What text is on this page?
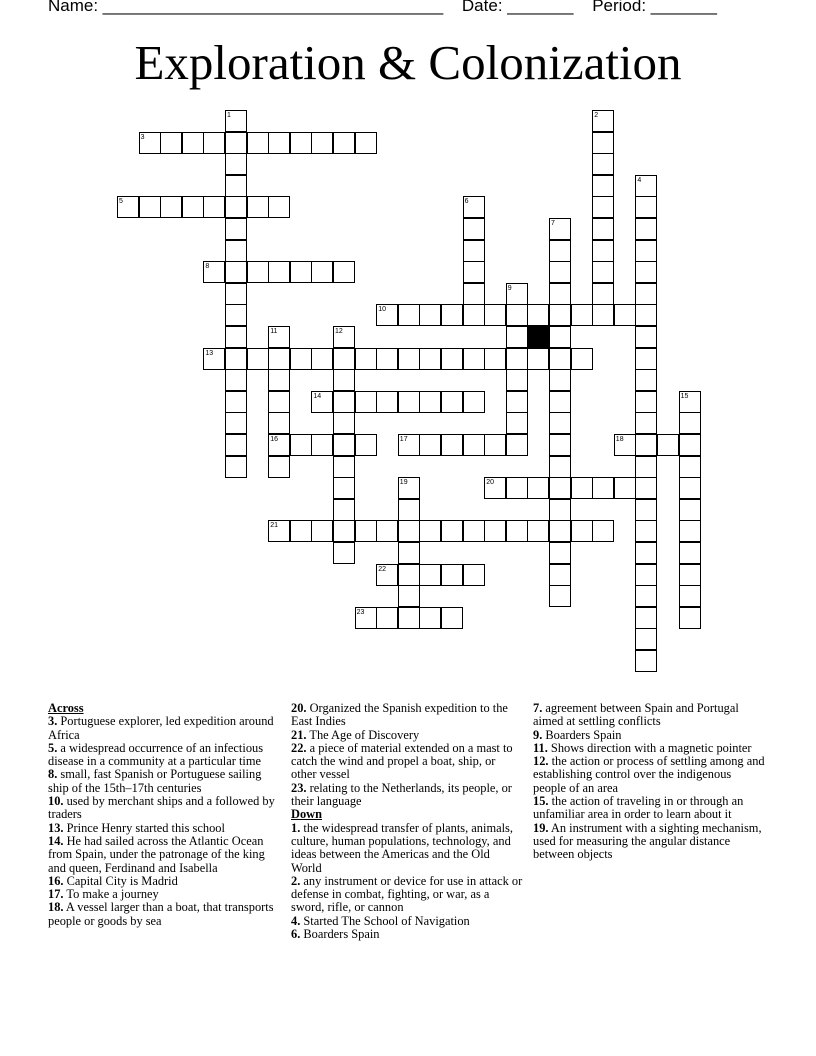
Name: ____________________________________ Date: _______ Period: _______
Exploration & Colonization
1	2
3
4
5	6
7
8
9
10
11	12
13
14	15
16	17	18
19	20
21
22
23
Across
3. Portuguese explorer, led expedition around Africa
5. a widespread occurrence of an infectious disease in a community at a particular time
8. small, fast Spanish or Portuguese sailing ship of the 15th–17th centuries
10. used by merchant ships and a followed by traders
13. Prince Henry started this school
14. He had sailed across the Atlantic Ocean from Spain, under the patronage of the king and queen, Ferdinand and Isabella
16. Capital City is Madrid
17. To make a journey
18. A vessel larger than a boat, that transports people or goods by sea
20. Organized the Spanish expedition to the East Indies
21. The Age of Discovery
22. a piece of material extended on a mast to catch the wind and propel a boat, ship, or other vessel
23. relating to the Netherlands, its people, or their language
Down
1. the widespread transfer of plants, animals, culture, human populations, technology, and ideas between the Americas and the Old World
2. any instrument or device for use in attack or defense in combat, fighting, or war, as a sword, rifle, or cannon
4. Started The School of Navigation
6. Boarders Spain
7. agreement between Spain and Portugal aimed at settling conflicts
9. Boarders Spain
11. Shows direction with a magnetic pointer
12. the action or process of settling among and establishing control over the indigenous people of an area
15. the action of traveling in or through an unfamiliar area in order to learn about it
19. An instrument with a sighting mechanism, used for measuring the angular distance between objects
